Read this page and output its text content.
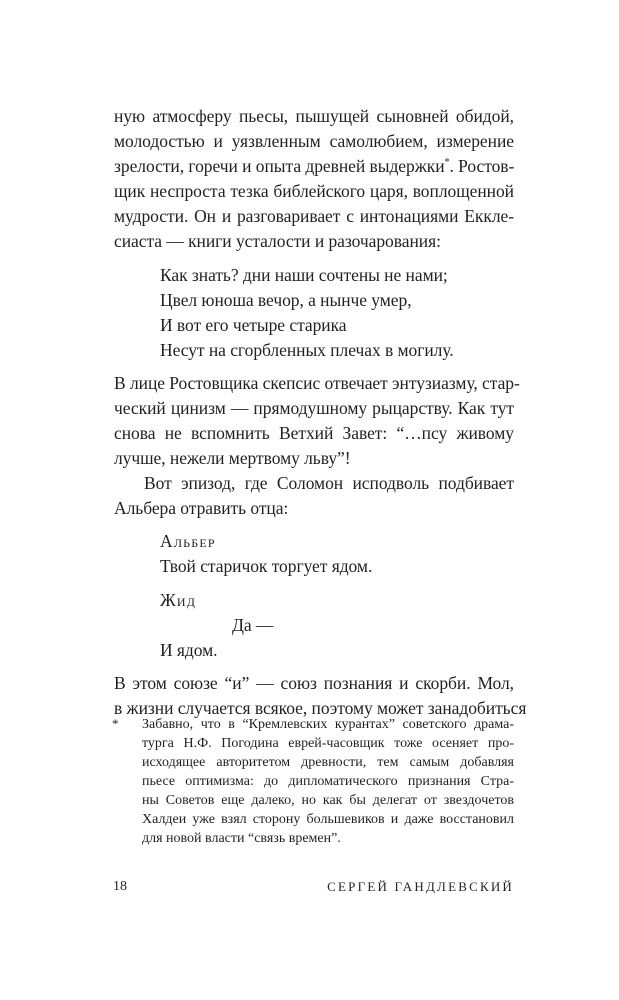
ную атмосферу пьесы, пышущей сыновней обидой,
молодостью и уязвленным самолюбием, измерение
зрелости, горечи и опыта древней выдержки*. Ростов-
щик неспроста тезка библейского царя, воплощенной
мудрости. Он и разговаривает с интонациями Еккле-
сиаста — книги усталости и разочарования:
Как знать? дни наши сочтены не нами;
Цвел юноша вечор, а нынче умер,
И вот его четыре старика
Несут на сгорбленных плечах в могилу.
В лице Ростовщика скепсис отвечает энтузиазму, стар-
ческий цинизм — прямодушному рыцарству. Как тут
снова не вспомнить Ветхий Завет: “…псу живому
лучше, нежели мертвому льву”!
Вот эпизод, где Соломон исподволь подбивает
Альбера отравить отца:
Альбер
Твой старичок торгует ядом.
Жид
Да —
И ядом.
В этом союзе “и” — союз познания и скорби. Мол,
в жизни случается всякое, поэтому может занадобиться
* Забавно, что в “Кремлевских курантах” советского драма-
турга Н.Ф. Погодина еврей-часовщик тоже осеняет про-
исходящее авторитетом древности, тем самым добавляя
пьесе оптимизма: до дипломатического признания Стра-
ны Советов еще далеко, но как бы делегат от звездочетов
Халдеи уже взял сторону большевиков и даже восстановил
для новой власти “связь времен”.
18	СЕРГЕЙ ГАНДЛЕВСКИЙ
